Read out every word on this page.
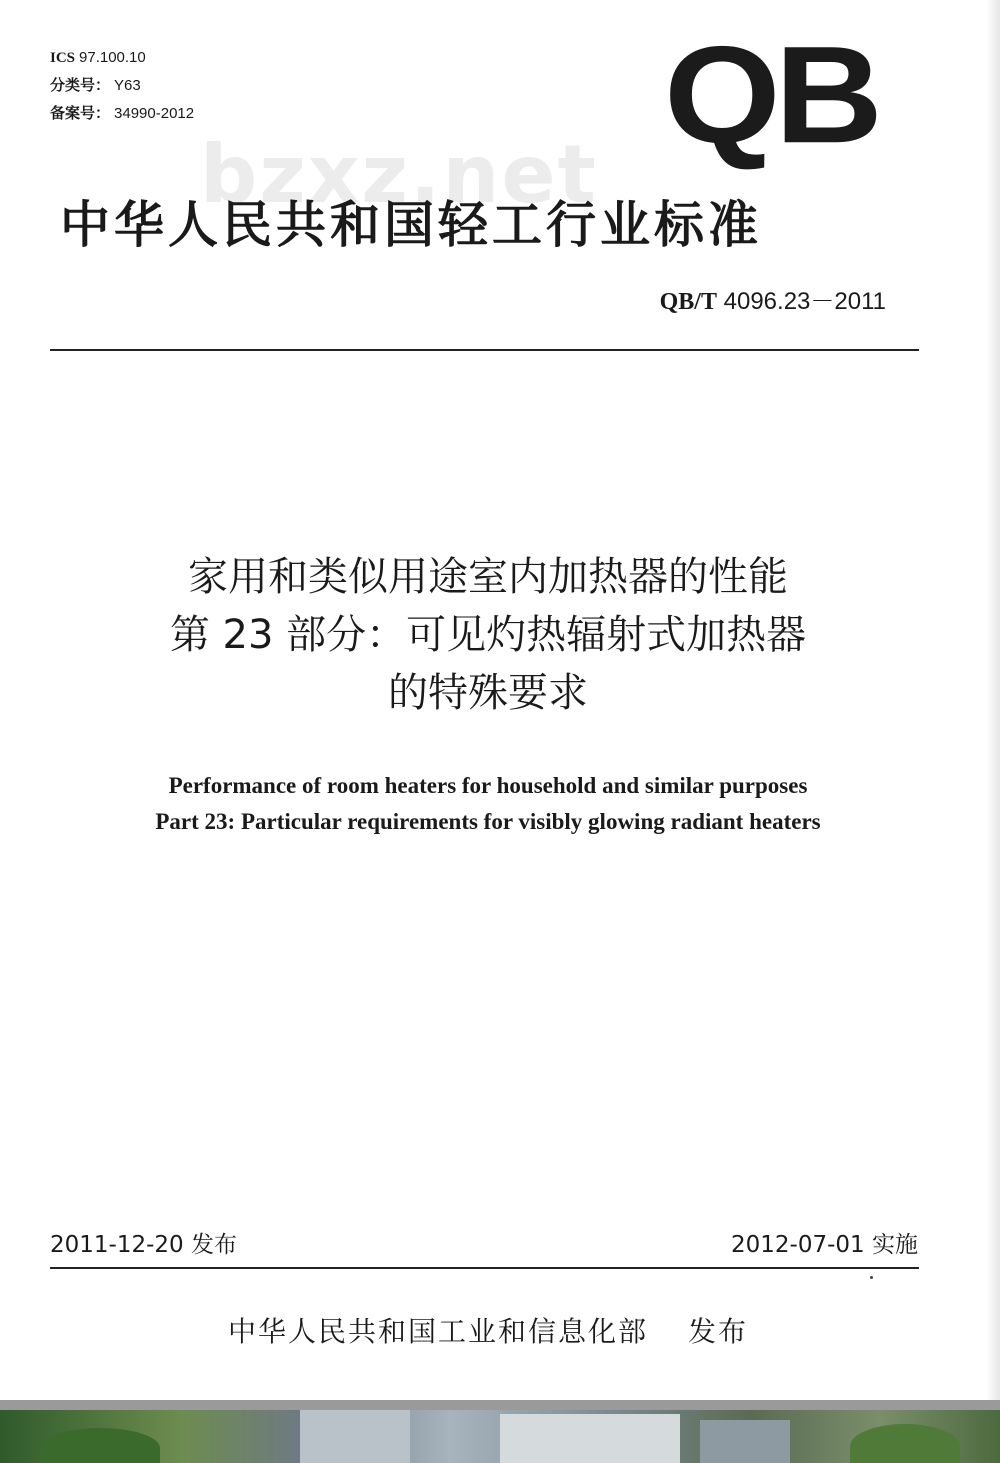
ICS 97.100.10
分类号： Y63
备案号： 34990-2012	QB
bzxz.net
中华人民共和国轻工行业标准
QB/T 4096.23－2011
家用和类似用途室内加热器的性能
第 23 部分：可见灼热辐射式加热器
的特殊要求
Performance of room heaters for household and similar purposes
Part 23: Particular requirements for visibly glowing radiant heaters
2011-12-20 发布	2012-07-01 实施
中华人民共和国工业和信息化部 发布
